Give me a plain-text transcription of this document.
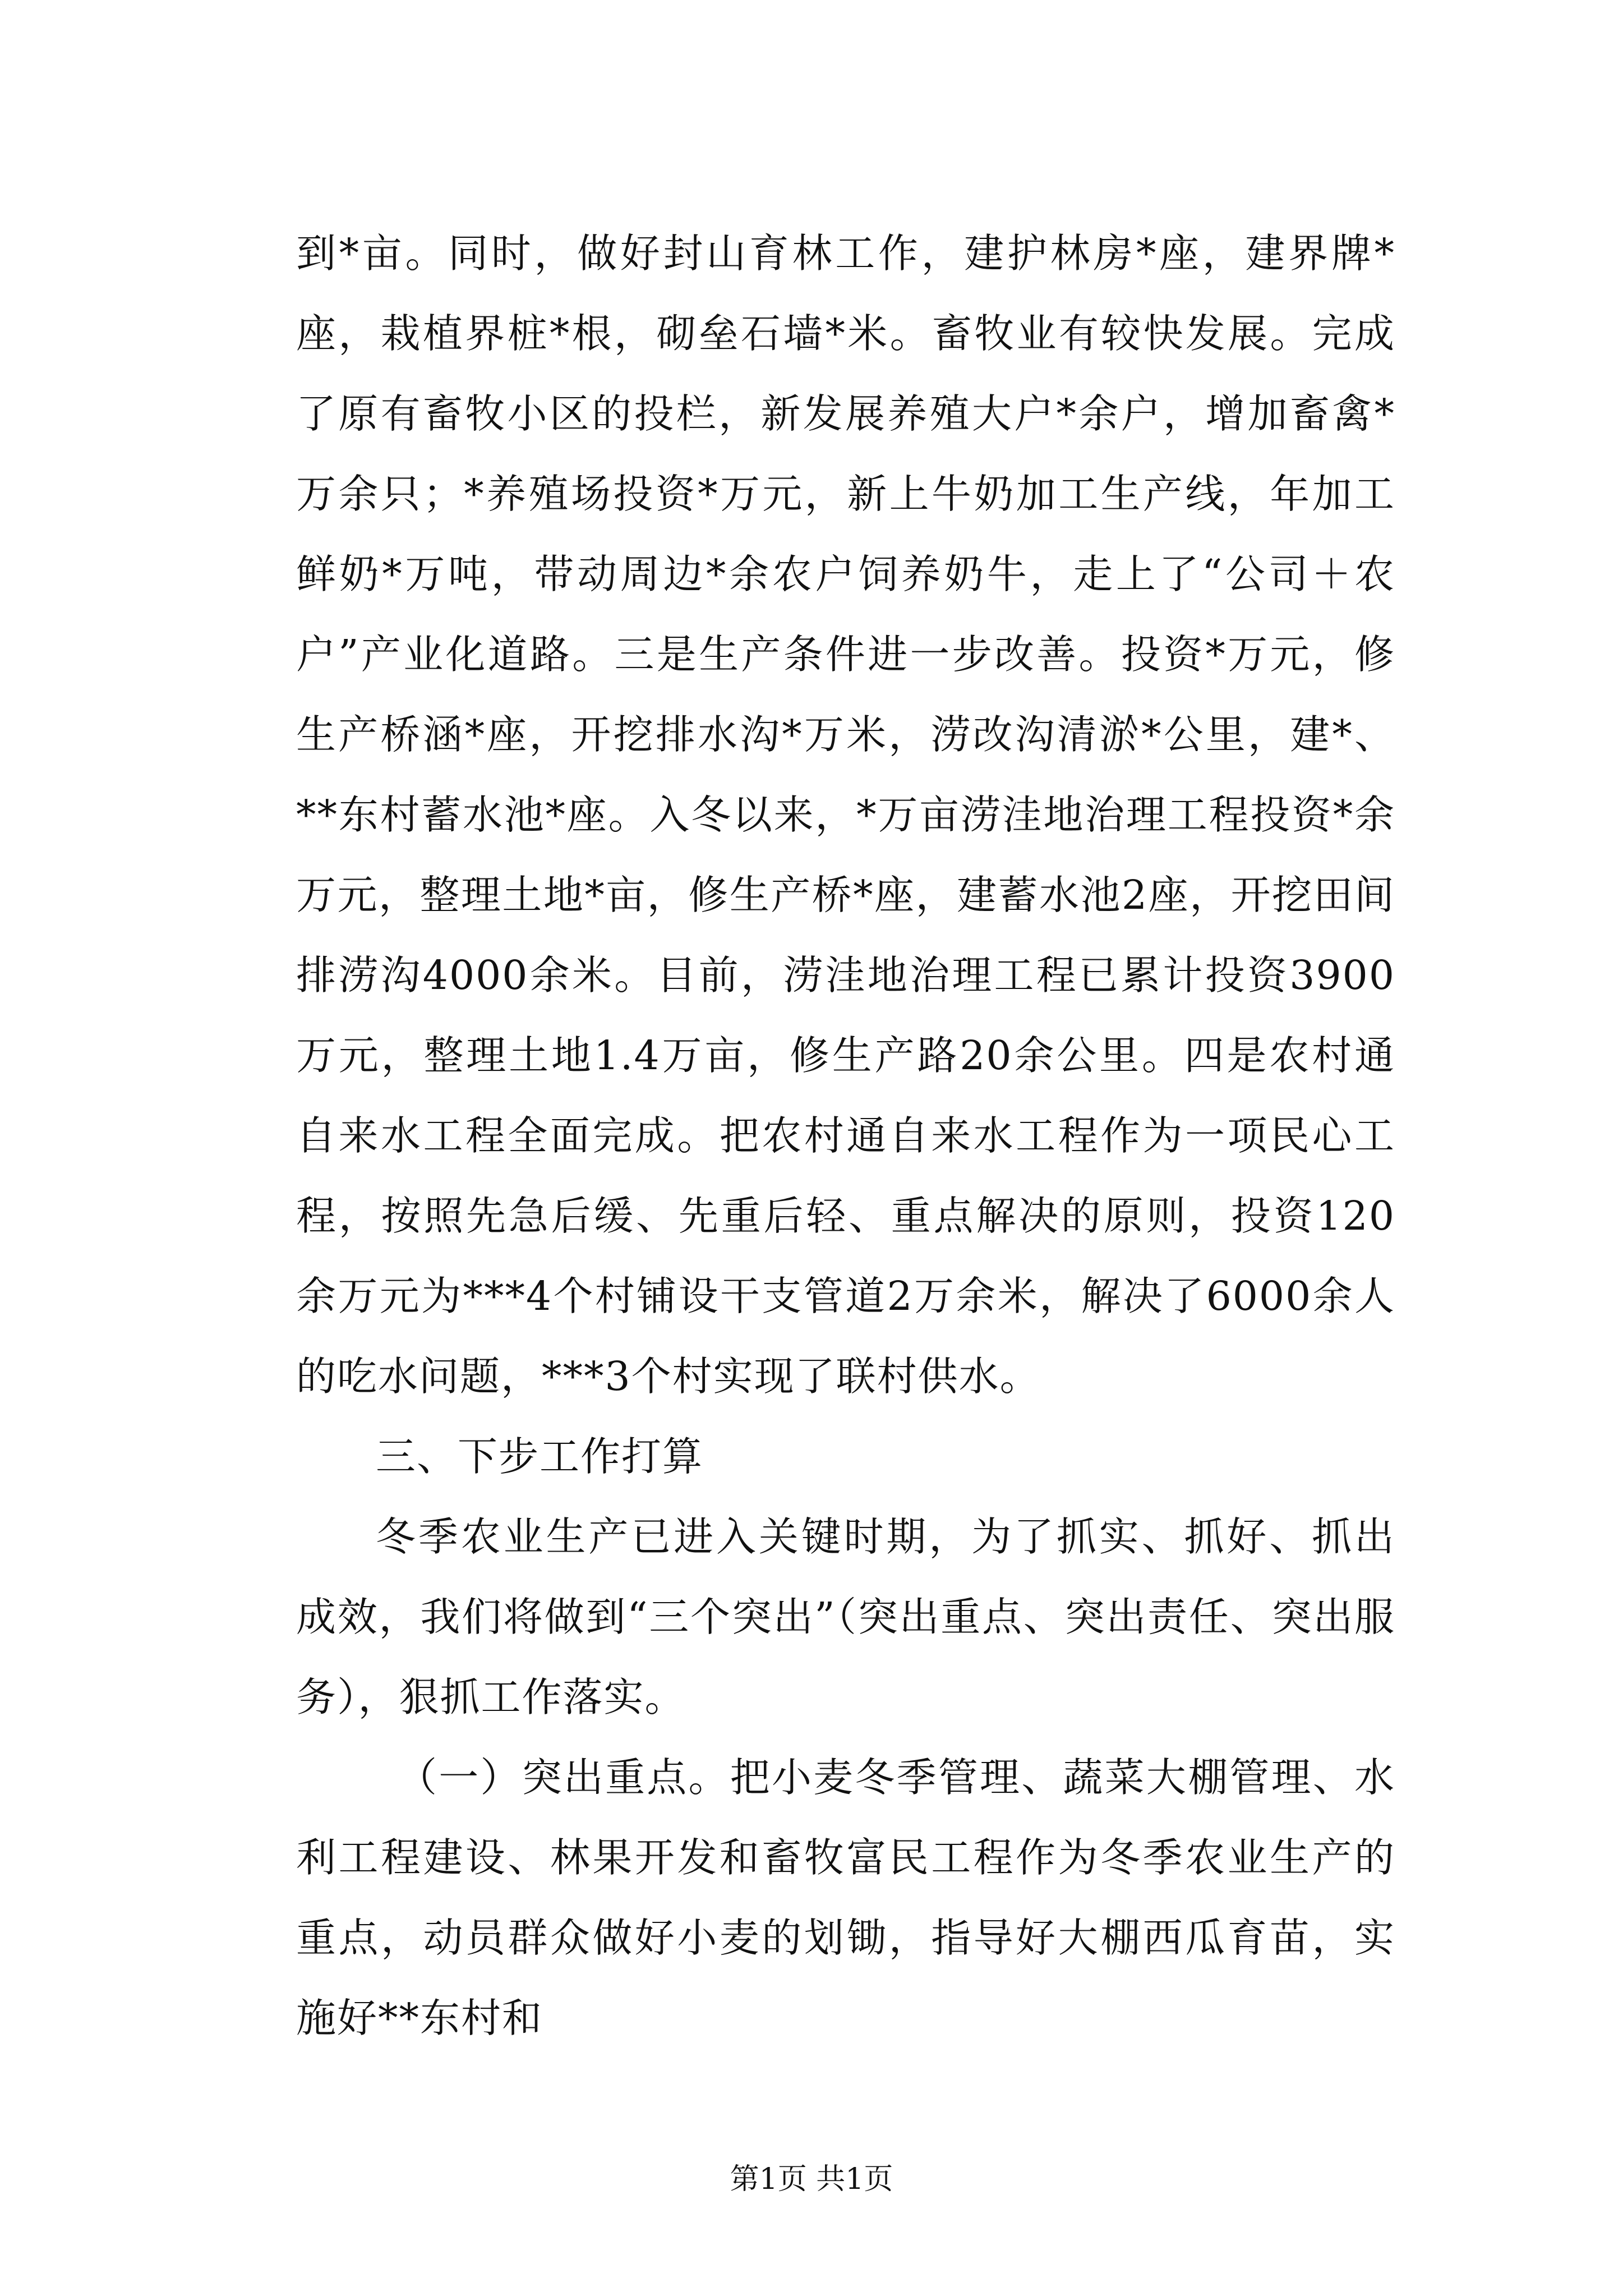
到*亩。同时，做好封山育林工作，建护林房*座，建界牌*座，栽植界桩*根，砌垒石墙*米。畜牧业有较快发展。完成了原有畜牧小区的投栏，新发展养殖大户*余户，增加畜禽*万余只；*养殖场投资*万元，新上牛奶加工生产线，年加工鲜奶*万吨，带动周边*余农户饲养奶牛，走上了“公司＋农户”产业化道路。三是生产条件进一步改善。投资*万元，修生产桥涵*座，开挖排水沟*万米，涝改沟清淤*公里，建*、**东村蓄水池*座。入冬以来，*万亩涝洼地治理工程投资*余万元，整理土地*亩，修生产桥*座，建蓄水池2座，开挖田间排涝沟4000余米。目前，涝洼地治理工程已累计投资3900万元，整理土地1.4万亩，修生产路20余公里。四是农村通自来水工程全面完成。把农村通自来水工程作为一项民心工程，按照先急后缓、先重后轻、重点解决的原则，投资120余万元为***4个村铺设干支管道2万余米，解决了6000余人的吃水问题，***3个村实现了联村供水。

三、下步工作打算

冬季农业生产已进入关键时期，为了抓实、抓好、抓出成效，我们将做到“三个突出”（突出重点、突出责任、突出服务），狠抓工作落实。

（一）突出重点。把小麦冬季管理、蔬菜大棚管理、水利工程建设、林果开发和畜牧富民工程作为冬季农业生产的重点，动员群众做好小麦的划锄，指导好大棚西瓜育苗，实施好**东村和

第1页 共1页
